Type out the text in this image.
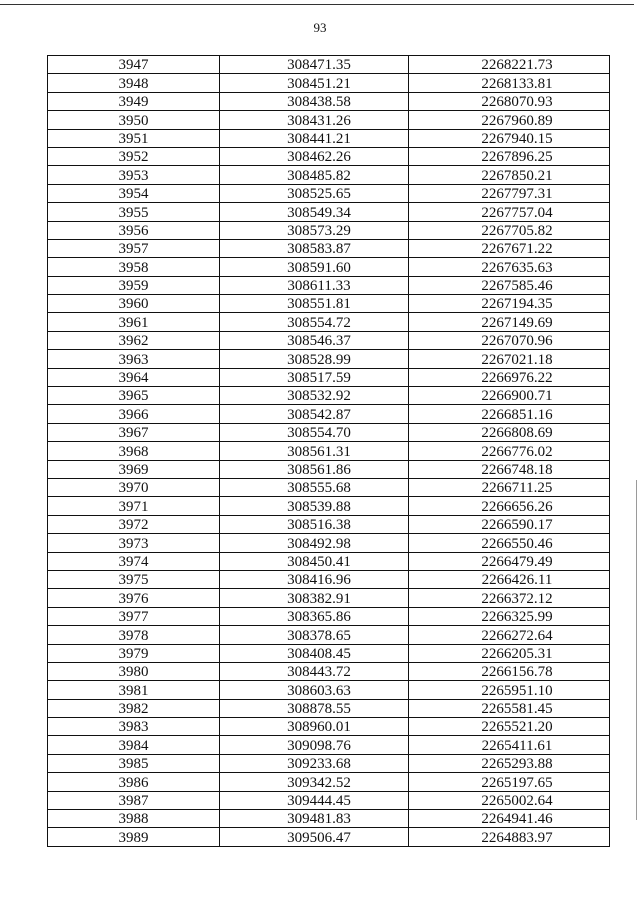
93
3947	308471.35	2268221.73
3948	308451.21	2268133.81
3949	308438.58	2268070.93
3950	308431.26	2267960.89
3951	308441.21	2267940.15
3952	308462.26	2267896.25
3953	308485.82	2267850.21
3954	308525.65	2267797.31
3955	308549.34	2267757.04
3956	308573.29	2267705.82
3957	308583.87	2267671.22
3958	308591.60	2267635.63
3959	308611.33	2267585.46
3960	308551.81	2267194.35
3961	308554.72	2267149.69
3962	308546.37	2267070.96
3963	308528.99	2267021.18
3964	308517.59	2266976.22
3965	308532.92	2266900.71
3966	308542.87	2266851.16
3967	308554.70	2266808.69
3968	308561.31	2266776.02
3969	308561.86	2266748.18
3970	308555.68	2266711.25
3971	308539.88	2266656.26
3972	308516.38	2266590.17
3973	308492.98	2266550.46
3974	308450.41	2266479.49
3975	308416.96	2266426.11
3976	308382.91	2266372.12
3977	308365.86	2266325.99
3978	308378.65	2266272.64
3979	308408.45	2266205.31
3980	308443.72	2266156.78
3981	308603.63	2265951.10
3982	308878.55	2265581.45
3983	308960.01	2265521.20
3984	309098.76	2265411.61
3985	309233.68	2265293.88
3986	309342.52	2265197.65
3987	309444.45	2265002.64
3988	309481.83	2264941.46
3989	309506.47	2264883.97
